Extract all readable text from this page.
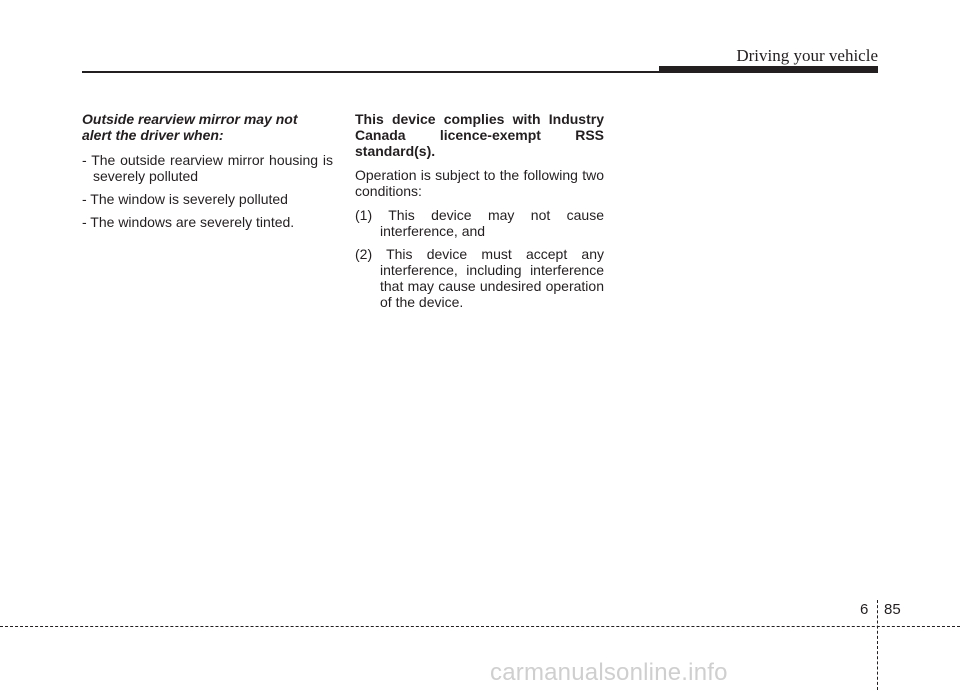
Driving your vehicle

Outside rearview mirror may not
alert the driver when:

- The outside rearview mirror housing is severely polluted

- The window is severely polluted

- The windows are severely tinted.

This device complies with Industry Canada licence-exempt RSS standard(s).

Operation is subject to the following two conditions:

(1) This device may not cause interference, and

(2) This device must accept any interference, including interference that may cause undesired operation of the device.

6 85
carmanualsonline.info
